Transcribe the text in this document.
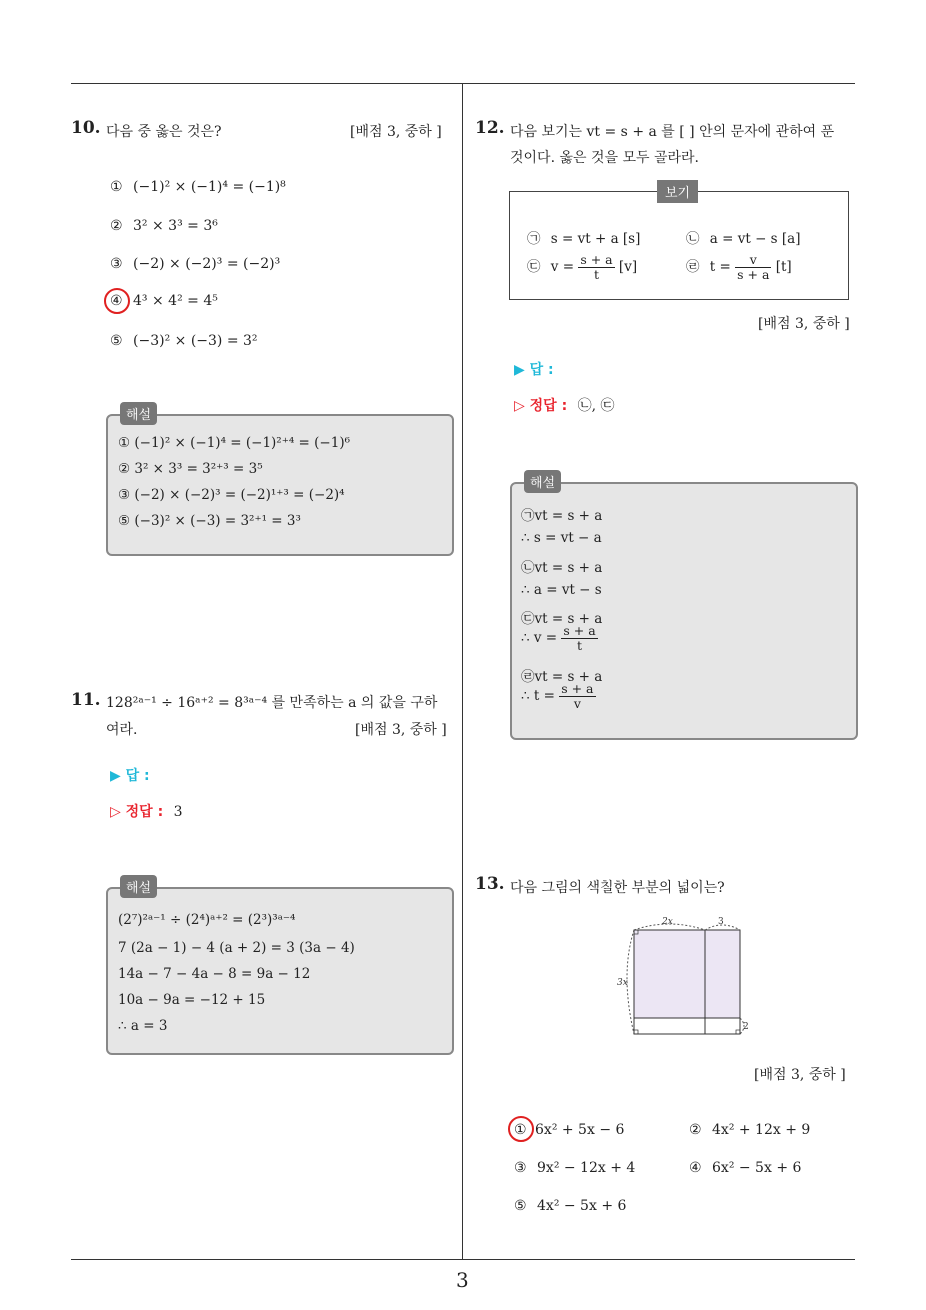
10. 다음 중 옳은 것은?	[배점 3, 중하 ]
① (−1)² × (−1)⁴ = (−1)⁸
② 3² × 3³ = 3⁶
③ (−2) × (−2)³ = (−2)³
④ 4³ × 4² = 4⁵
⑤ (−3)² × (−3) = 3²
해설
① (−1)² × (−1)⁴ = (−1)²⁺⁴ = (−1)⁶
② 3² × 3³ = 3²⁺³ = 3⁵
③ (−2) × (−2)³ = (−2)¹⁺³ = (−2)⁴
⑤ (−3)² × (−3) = 3²⁺¹ = 3³
11. 128²ᵃ⁻¹ ÷ 16ᵃ⁺² = 8³ᵃ⁻⁴ 를 만족하는 a 의 값을 구하
여라.	[배점 3, 중하 ]
▶ 답 :
▷ 정답 : 3
해설
(2⁷)²ᵃ⁻¹ ÷ (2⁴)ᵃ⁺² = (2³)³ᵃ⁻⁴
7 (2a − 1) − 4 (a + 2) = 3 (3a − 4)
14a − 7 − 4a − 8 = 9a − 12
10a − 9a = −12 + 15
∴ a = 3
12. 다음 보기는 vt = s + a 를 [ ] 안의 문자에 관하여 푼
것이다. 옳은 것을 모두 골라라.
보기
㉠ s = vt + a [s]	㉡ a = vt − s [a]
㉢ $v = \frac{s + a}{t} [v]$	㉣ $t = \frac{v}{s + a} [t]$
[배점 3, 중하 ]
▶ 답 :
▷ 정답 : ㉡, ㉢
해설
㉠vt = s + a
∴ s = vt − a
㉡vt = s + a
∴ a = vt − s
㉢vt = s + a
∴ $v = \frac{s + a}{t}$
㉣vt = s + a
∴ $t = \frac{s + a}{v}$
13. 다음 그림의 색칠한 부분의 넓이는?
2x	3
3x
2
[배점 3, 중하 ]
① 6x² + 5x − 6	② 4x² + 12x + 9
③ 9x² − 12x + 4	④ 6x² − 5x + 6
⑤ 4x² − 5x + 6
3
